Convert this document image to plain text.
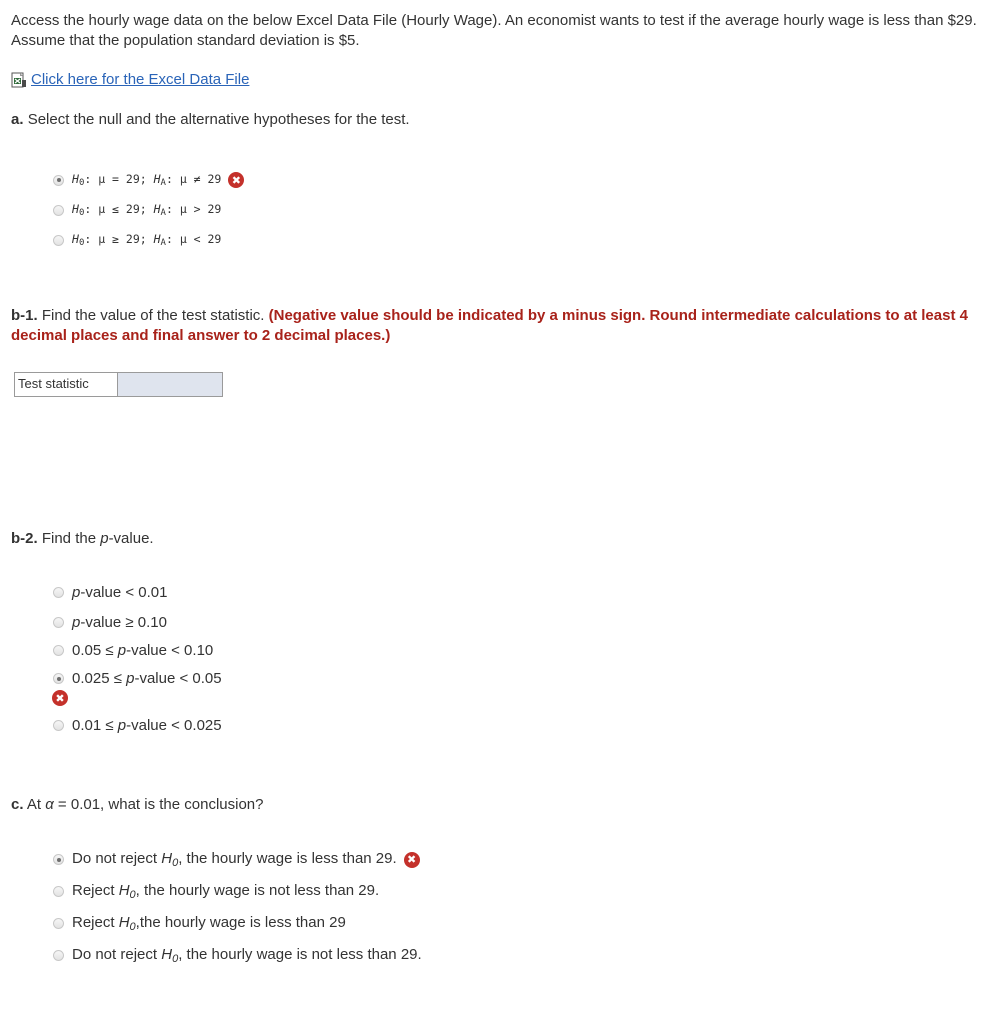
Access the hourly wage data on the below Excel Data File (Hourly Wage). An economist wants to test if the average hourly wage is less than $29. Assume that the population standard deviation is $5.
Click here for the Excel Data File
a. Select the null and the alternative hypotheses for the test.
$H_0$: μ = 29; $H_A$: μ ≠ 29 ✖
$H_0$: μ ≤ 29; $H_A$: μ > 29
$H_0$: μ ≥ 29; $H_A$: μ < 29
b-1. Find the value of the test statistic. (Negative value should be indicated by a minus sign. Round intermediate calculations to at least 4 decimal places and final answer to 2 decimal places.)
Test statistic
b-2. Find the p-value.
p-value < 0.01
p-value ≥ 0.10
0.05 ≤ p-value < 0.10
0.025 ≤ p-value < 0.05
✖
0.01 ≤ p-value < 0.025
c. At α = 0.01, what is the conclusion?
Do not reject $H_0$, the hourly wage is less than 29. ✖
Reject $H_0$, the hourly wage is not less than 29.
Reject $H_0,the$ hourly wage is less than 29
Do not reject $H_0$, the hourly wage is not less than 29.
